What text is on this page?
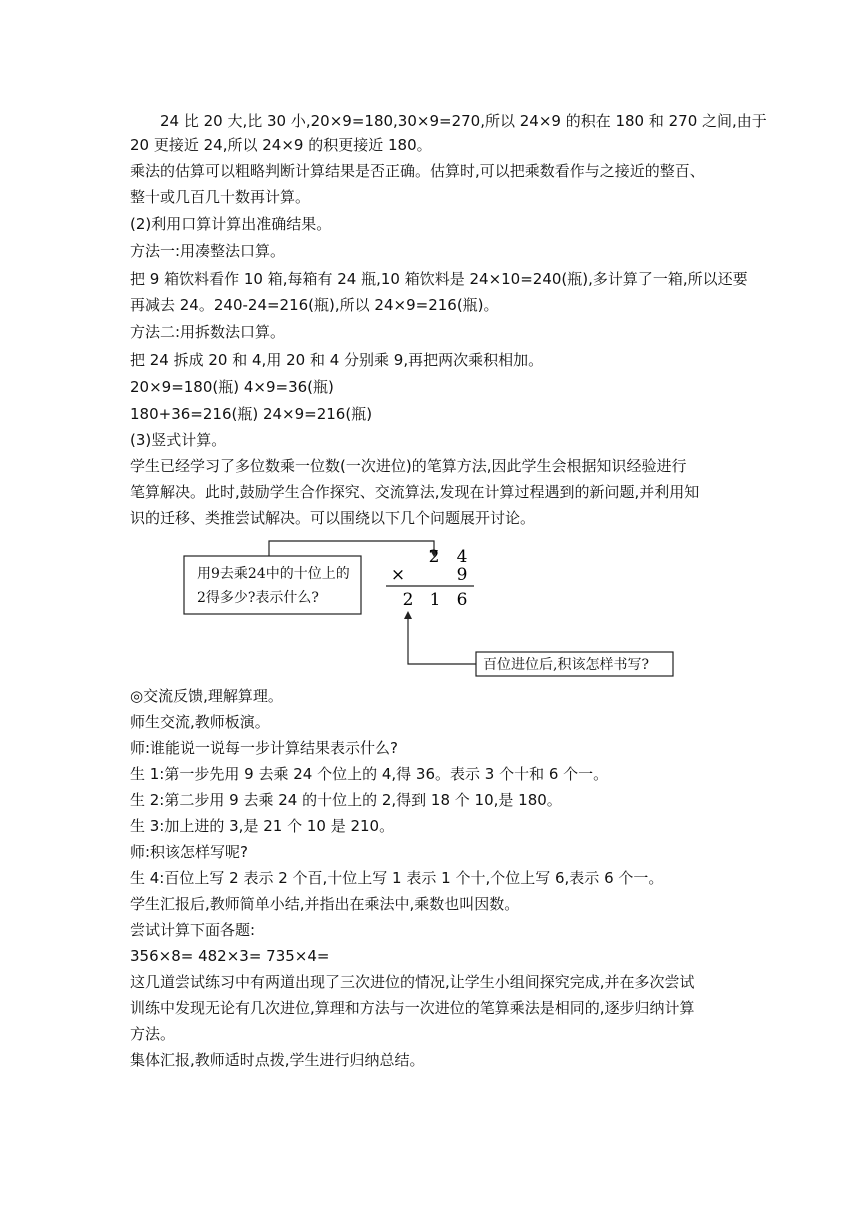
24 比 20 大,比 30 小,20×9=180,30×9=270,所以 24×9 的积在 180 和 270 之间,由于
20 更接近 24,所以 24×9 的积更接近 180。
乘法的估算可以粗略判断计算结果是否正确。估算时,可以把乘数看作与之接近的整百、
整十或几百几十数再计算。
(2)利用口算计算出准确结果。
方法一:用凑整法口算。
把 9 箱饮料看作 10 箱,每箱有 24 瓶,10 箱饮料是 24×10=240(瓶),多计算了一箱,所以还要
再减去 24。240-24=216(瓶),所以 24×9=216(瓶)。
方法二:用拆数法口算。
把 24 拆成 20 和 4,用 20 和 4 分别乘 9,再把两次乘积相加。
20×9=180(瓶) 4×9=36(瓶)
180+36=216(瓶) 24×9=216(瓶)
(3)竖式计算。
学生已经学习了多位数乘一位数(一次进位)的笔算方法,因此学生会根据知识经验进行
笔算解决。此时,鼓励学生合作探究、交流算法,发现在计算过程遇到的新问题,并利用知
识的迁移、类推尝试解决。可以围绕以下几个问题展开讨论。
用9去乘24中的十位上的
2得多少?表示什么?
2 4
×	9
2 1 6
百位进位后,积该怎样书写?
◎交流反馈,理解算理。
师生交流,教师板演。
师:谁能说一说每一步计算结果表示什么?
生 1:第一步先用 9 去乘 24 个位上的 4,得 36。表示 3 个十和 6 个一。
生 2:第二步用 9 去乘 24 的十位上的 2,得到 18 个 10,是 180。
生 3:加上进的 3,是 21 个 10 是 210。
师:积该怎样写呢?
生 4:百位上写 2 表示 2 个百,十位上写 1 表示 1 个十,个位上写 6,表示 6 个一。
学生汇报后,教师简单小结,并指出在乘法中,乘数也叫因数。
尝试计算下面各题:
356×8= 482×3= 735×4=
这几道尝试练习中有两道出现了三次进位的情况,让学生小组间探究完成,并在多次尝试
训练中发现无论有几次进位,算理和方法与一次进位的笔算乘法是相同的,逐步归纳计算
方法。
集体汇报,教师适时点拨,学生进行归纳总结。
